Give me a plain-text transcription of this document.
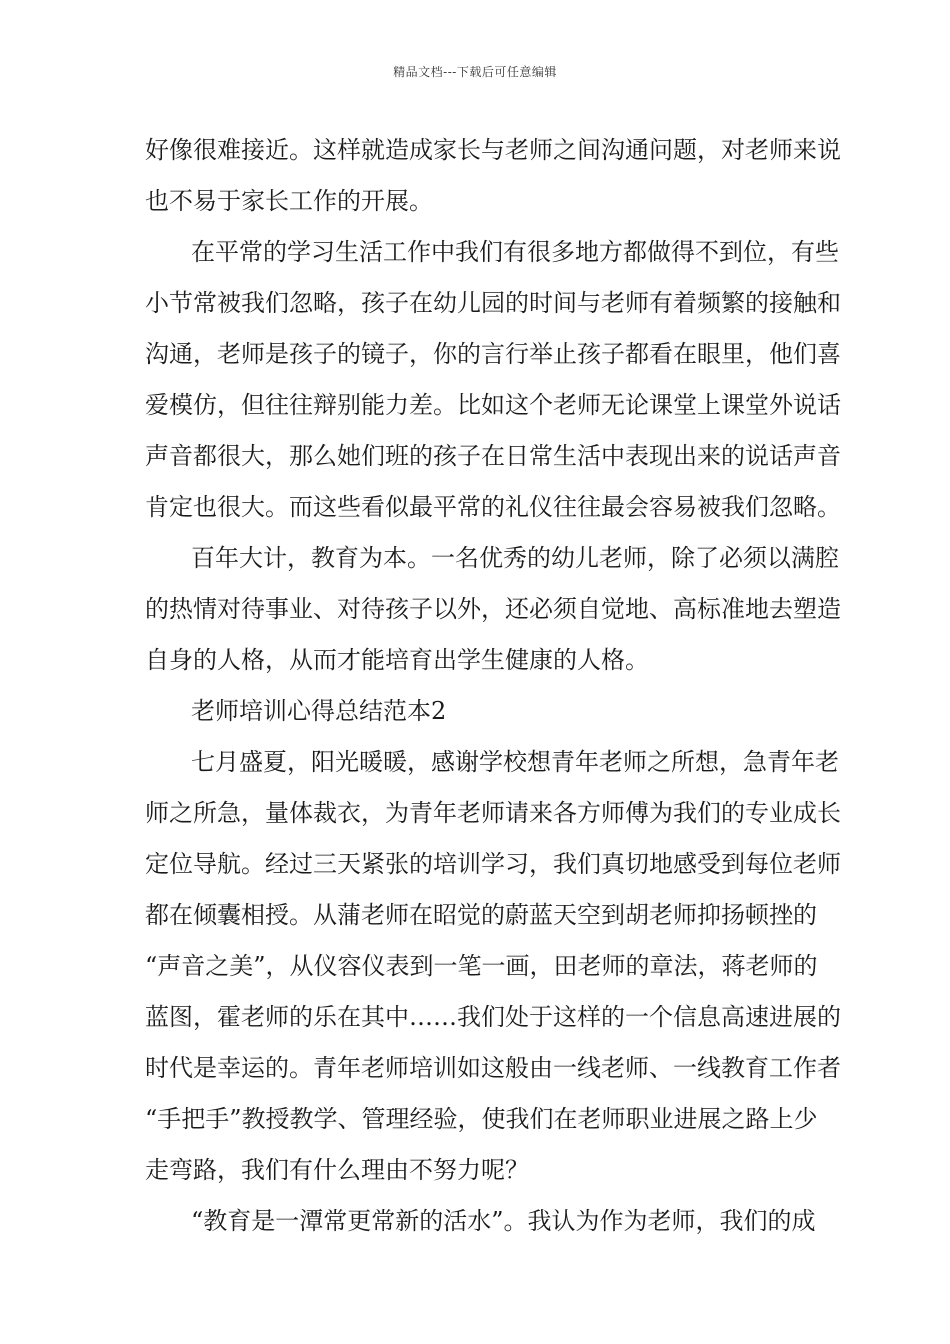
精品文档---下载后可任意编辑
好像很难接近。这样就造成家长与老师之间沟通问题，对老师来说
也不易于家长工作的开展。
在平常的学习生活工作中我们有很多地方都做得不到位，有些
小节常被我们忽略，孩子在幼儿园的时间与老师有着频繁的接触和
沟通，老师是孩子的镜子，你的言行举止孩子都看在眼里，他们喜
爱模仿，但往往辩别能力差。比如这个老师无论课堂上课堂外说话
声音都很大，那么她们班的孩子在日常生活中表现出来的说话声音
肯定也很大。而这些看似最平常的礼仪往往最会容易被我们忽略。
百年大计，教育为本。一名优秀的幼儿老师，除了必须以满腔
的热情对待事业、对待孩子以外，还必须自觉地、高标准地去塑造
自身的人格，从而才能培育出学生健康的人格。
老师培训心得总结范本2
七月盛夏，阳光暖暖，感谢学校想青年老师之所想，急青年老
师之所急，量体裁衣，为青年老师请来各方师傅为我们的专业成长
定位导航。经过三天紧张的培训学习，我们真切地感受到每位老师
都在倾囊相授。从蒲老师在昭觉的蔚蓝天空到胡老师抑扬顿挫的
“声音之美”，从仪容仪表到一笔一画，田老师的章法，蒋老师的
蓝图，霍老师的乐在其中……我们处于这样的一个信息高速进展的
时代是幸运的。青年老师培训如这般由一线老师、一线教育工作者
“手把手”教授教学、管理经验，使我们在老师职业进展之路上少
走弯路，我们有什么理由不努力呢？
“教育是一潭常更常新的活水”。我认为作为老师，我们的成
